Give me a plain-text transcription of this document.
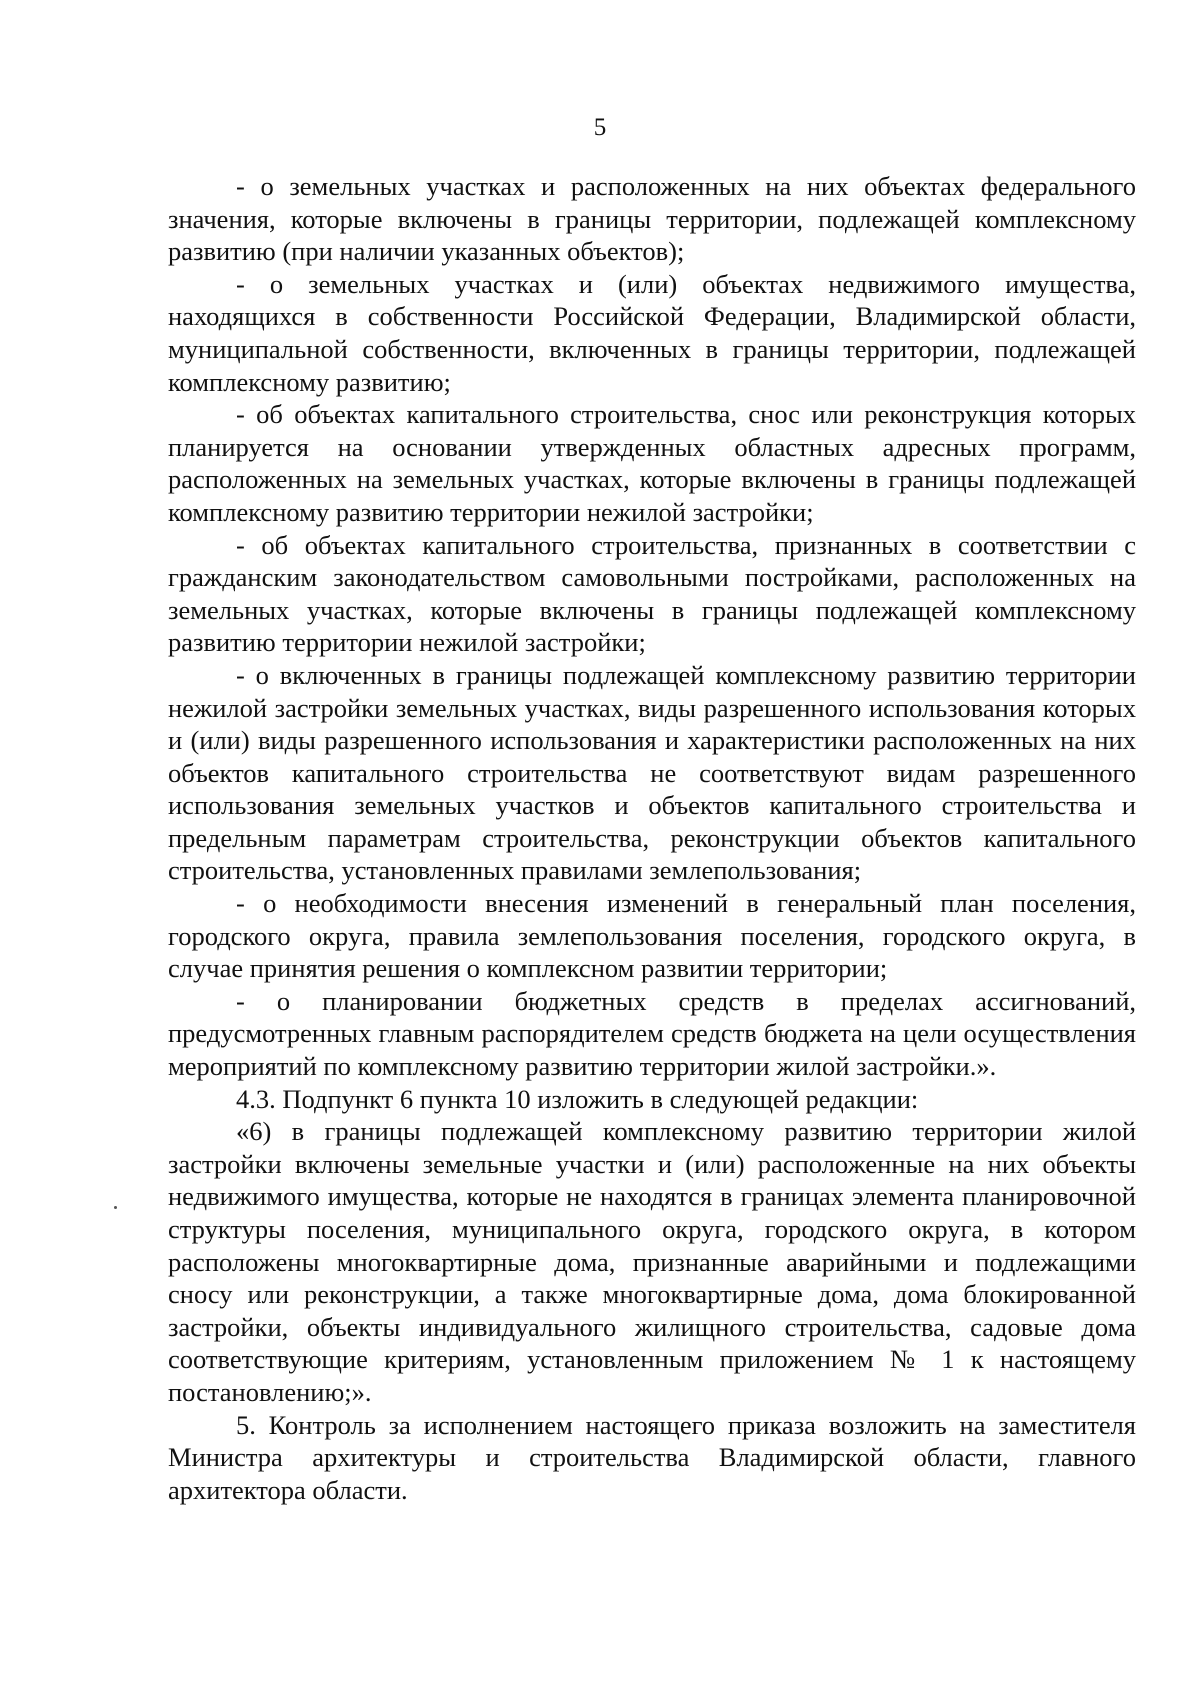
5

- о земельных участках и расположенных на них объектах федерального значения, которые включены в границы территории, подлежащей комплексному развитию (при наличии указанных объектов);

- о земельных участках и (или) объектах недвижимого имущества, находящихся в собственности Российской Федерации, Владимирской области, муниципальной собственности, включенных в границы территории, подлежащей комплексному развитию;

- об объектах капитального строительства, снос или реконструкция которых планируется на основании утвержденных областных адресных программ, расположенных на земельных участках, которые включены в границы подлежащей комплексному развитию территории нежилой застройки;

- об объектах капитального строительства, признанных в соответствии с гражданским законодательством самовольными постройками, расположенных на земельных участках, которые включены в границы подлежащей комплексному развитию территории нежилой застройки;

- о включенных в границы подлежащей комплексному развитию территории нежилой застройки земельных участках, виды разрешенного использования которых и (или) виды разрешенного использования и характеристики расположенных на них объектов капитального строительства не соответствуют видам разрешенного использования земельных участков и объектов капитального строительства и предельным параметрам строительства, реконструкции объектов капитального строительства, установленных правилами землепользования;

- о необходимости внесения изменений в генеральный план поселения, городского округа, правила землепользования поселения, городского округа, в случае принятия решения о комплексном развитии территории;

- о планировании бюджетных средств в пределах ассигнований, предусмотренных главным распорядителем средств бюджета на цели осуществления мероприятий по комплексному развитию территории жилой застройки.».

4.3. Подпункт 6 пункта 10 изложить в следующей редакции:

«6) в границы подлежащей комплексному развитию территории жилой застройки включены земельные участки и (или) расположенные на них объекты недвижимого имущества, которые не находятся в границах элемента планировочной структуры поселения, муниципального округа, городского округа, в котором расположены многоквартирные дома, признанные аварийными и подлежащими сносу или реконструкции, а также многоквартирные дома, дома блокированной застройки, объекты индивидуального жилищного строительства, садовые дома соответствующие критериям, установленным приложением № 1 к настоящему постановлению;».

5. Контроль за исполнением настоящего приказа возложить на заместителя Министра архитектуры и строительства Владимирской области, главного архитектора области.
